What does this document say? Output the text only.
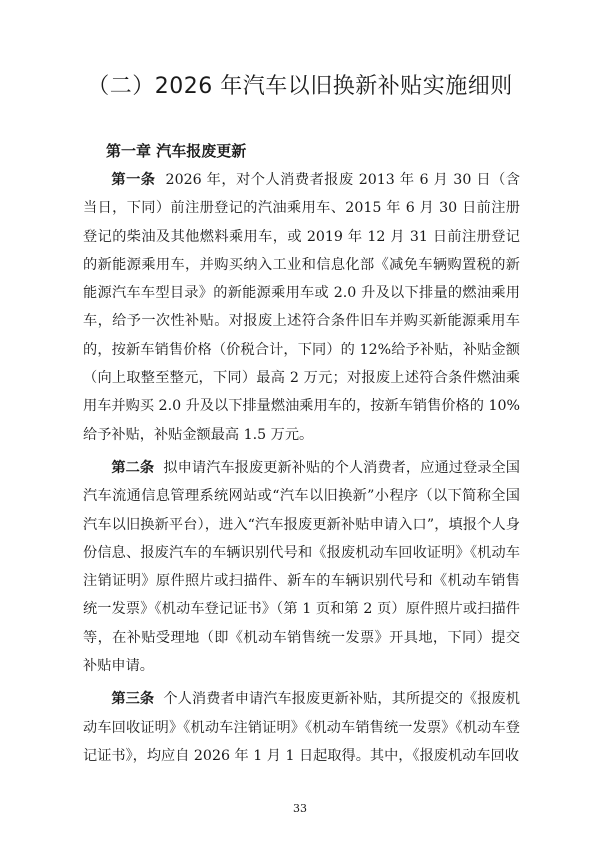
（二）2026 年汽车以旧换新补贴实施细则
第一章 汽车报废更新

第一条 2026 年，对个人消费者报废 2013 年 6 月 30 日（含当日，下同）前注册登记的汽油乘用车、2015 年 6 月 30 日前注册登记的柴油及其他燃料乘用车，或 2019 年 12 月 31 日前注册登记的新能源乘用车，并购买纳入工业和信息化部《减免车辆购置税的新能源汽车车型目录》的新能源乘用车或 2.0 升及以下排量的燃油乘用车，给予一次性补贴。对报废上述符合条件旧车并购买新能源乘用车的，按新车销售价格（价税合计，下同）的 12%给予补贴，补贴金额（向上取整至整元，下同）最高 2 万元；对报废上述符合条件燃油乘用车并购买 2.0 升及以下排量燃油乘用车的，按新车销售价格的 10%给予补贴，补贴金额最高 1.5 万元。

第二条 拟申请汽车报废更新补贴的个人消费者，应通过登录全国汽车流通信息管理系统网站或“汽车以旧换新”小程序（以下简称全国汽车以旧换新平台），进入“汽车报废更新补贴申请入口”，填报个人身份信息、报废汽车的车辆识别代号和《报废机动车回收证明》《机动车注销证明》原件照片或扫描件、新车的车辆识别代号和《机动车销售统一发票》《机动车登记证书》（第 1 页和第 2 页）原件照片或扫描件等，在补贴受理地（即《机动车销售统一发票》开具地，下同）提交补贴申请。

第三条 个人消费者申请汽车报废更新补贴，其所提交的《报废机动车回收证明》《机动车注销证明》《机动车销售统一发票》《机动车登记证书》，均应自 2026 年 1 月 1 日起取得。其中，《报废机动车回收

33
